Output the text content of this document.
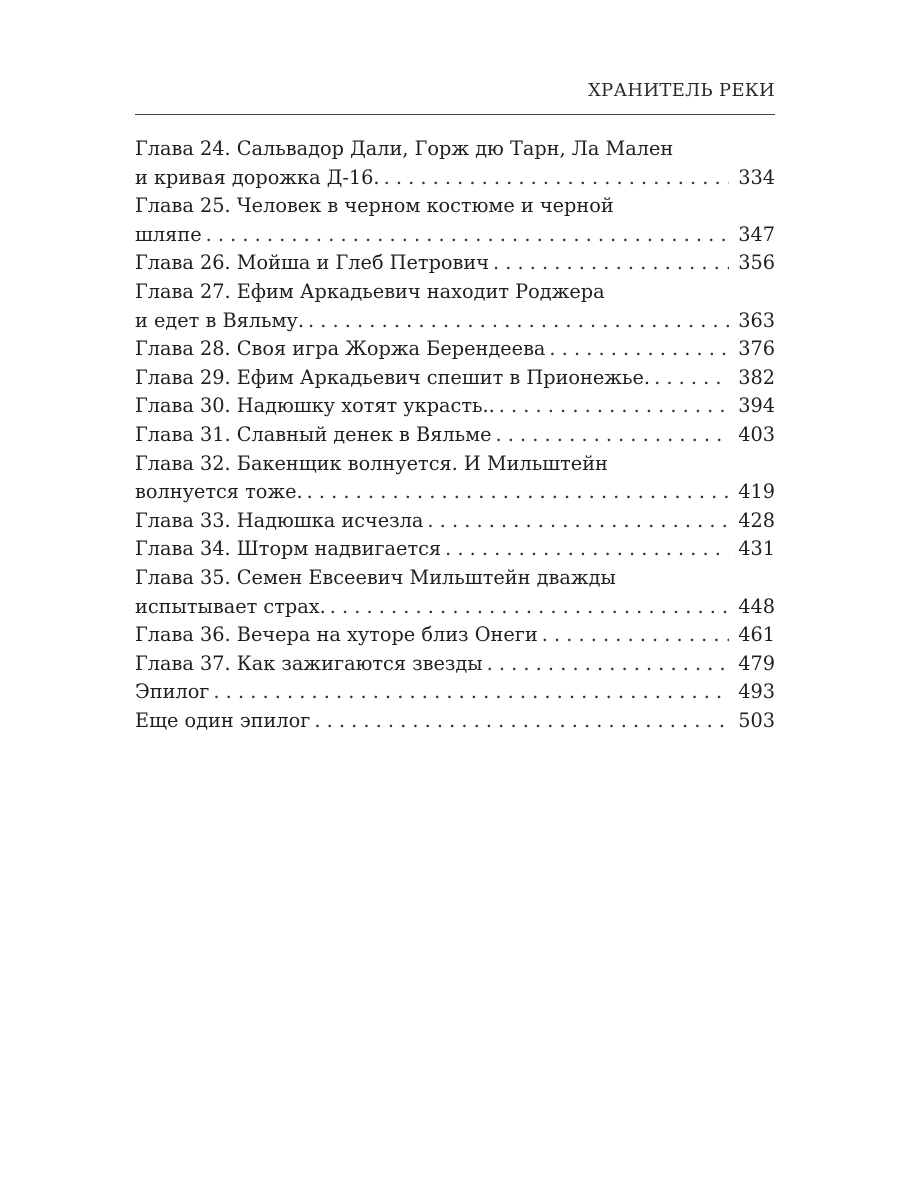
ХРАНИТЕЛЬ РЕКИ
Глава 24. Сальвадор Дали, Горж дю Тарн, Ла Мален
и кривая дорожка Д-16. . . .	334
Глава 25. Человек в черном костюме и черной
шляпе . . .	347
Глава 26. Мойша и Глеб Петрович . . .	356
Глава 27. Ефим Аркадьевич находит Роджера
и едет в Вяльму. . . .	363
Глава 28. Своя игра Жоржа Берендеева . . .	376
Глава 29. Ефим Аркадьевич спешит в Прионежье. . . .	382
Глава 30. Надюшку хотят украсть.. . . .	394
Глава 31. Славный денек в Вяльме . . .	403
Глава 32. Бакенщик волнуется. И Мильштейн
волнуется тоже. . . .	419
Глава 33. Надюшка исчезла . . .	428
Глава 34. Шторм надвигается . . .	431
Глава 35. Семен Евсеевич Мильштейн дважды
испытывает страх. . . .	448
Глава 36. Вечера на хуторе близ Онеги . . .	461
Глава 37. Как зажигаются звезды . . .	479
Эпилог . . .	493
Еще один эпилог . . .	503
